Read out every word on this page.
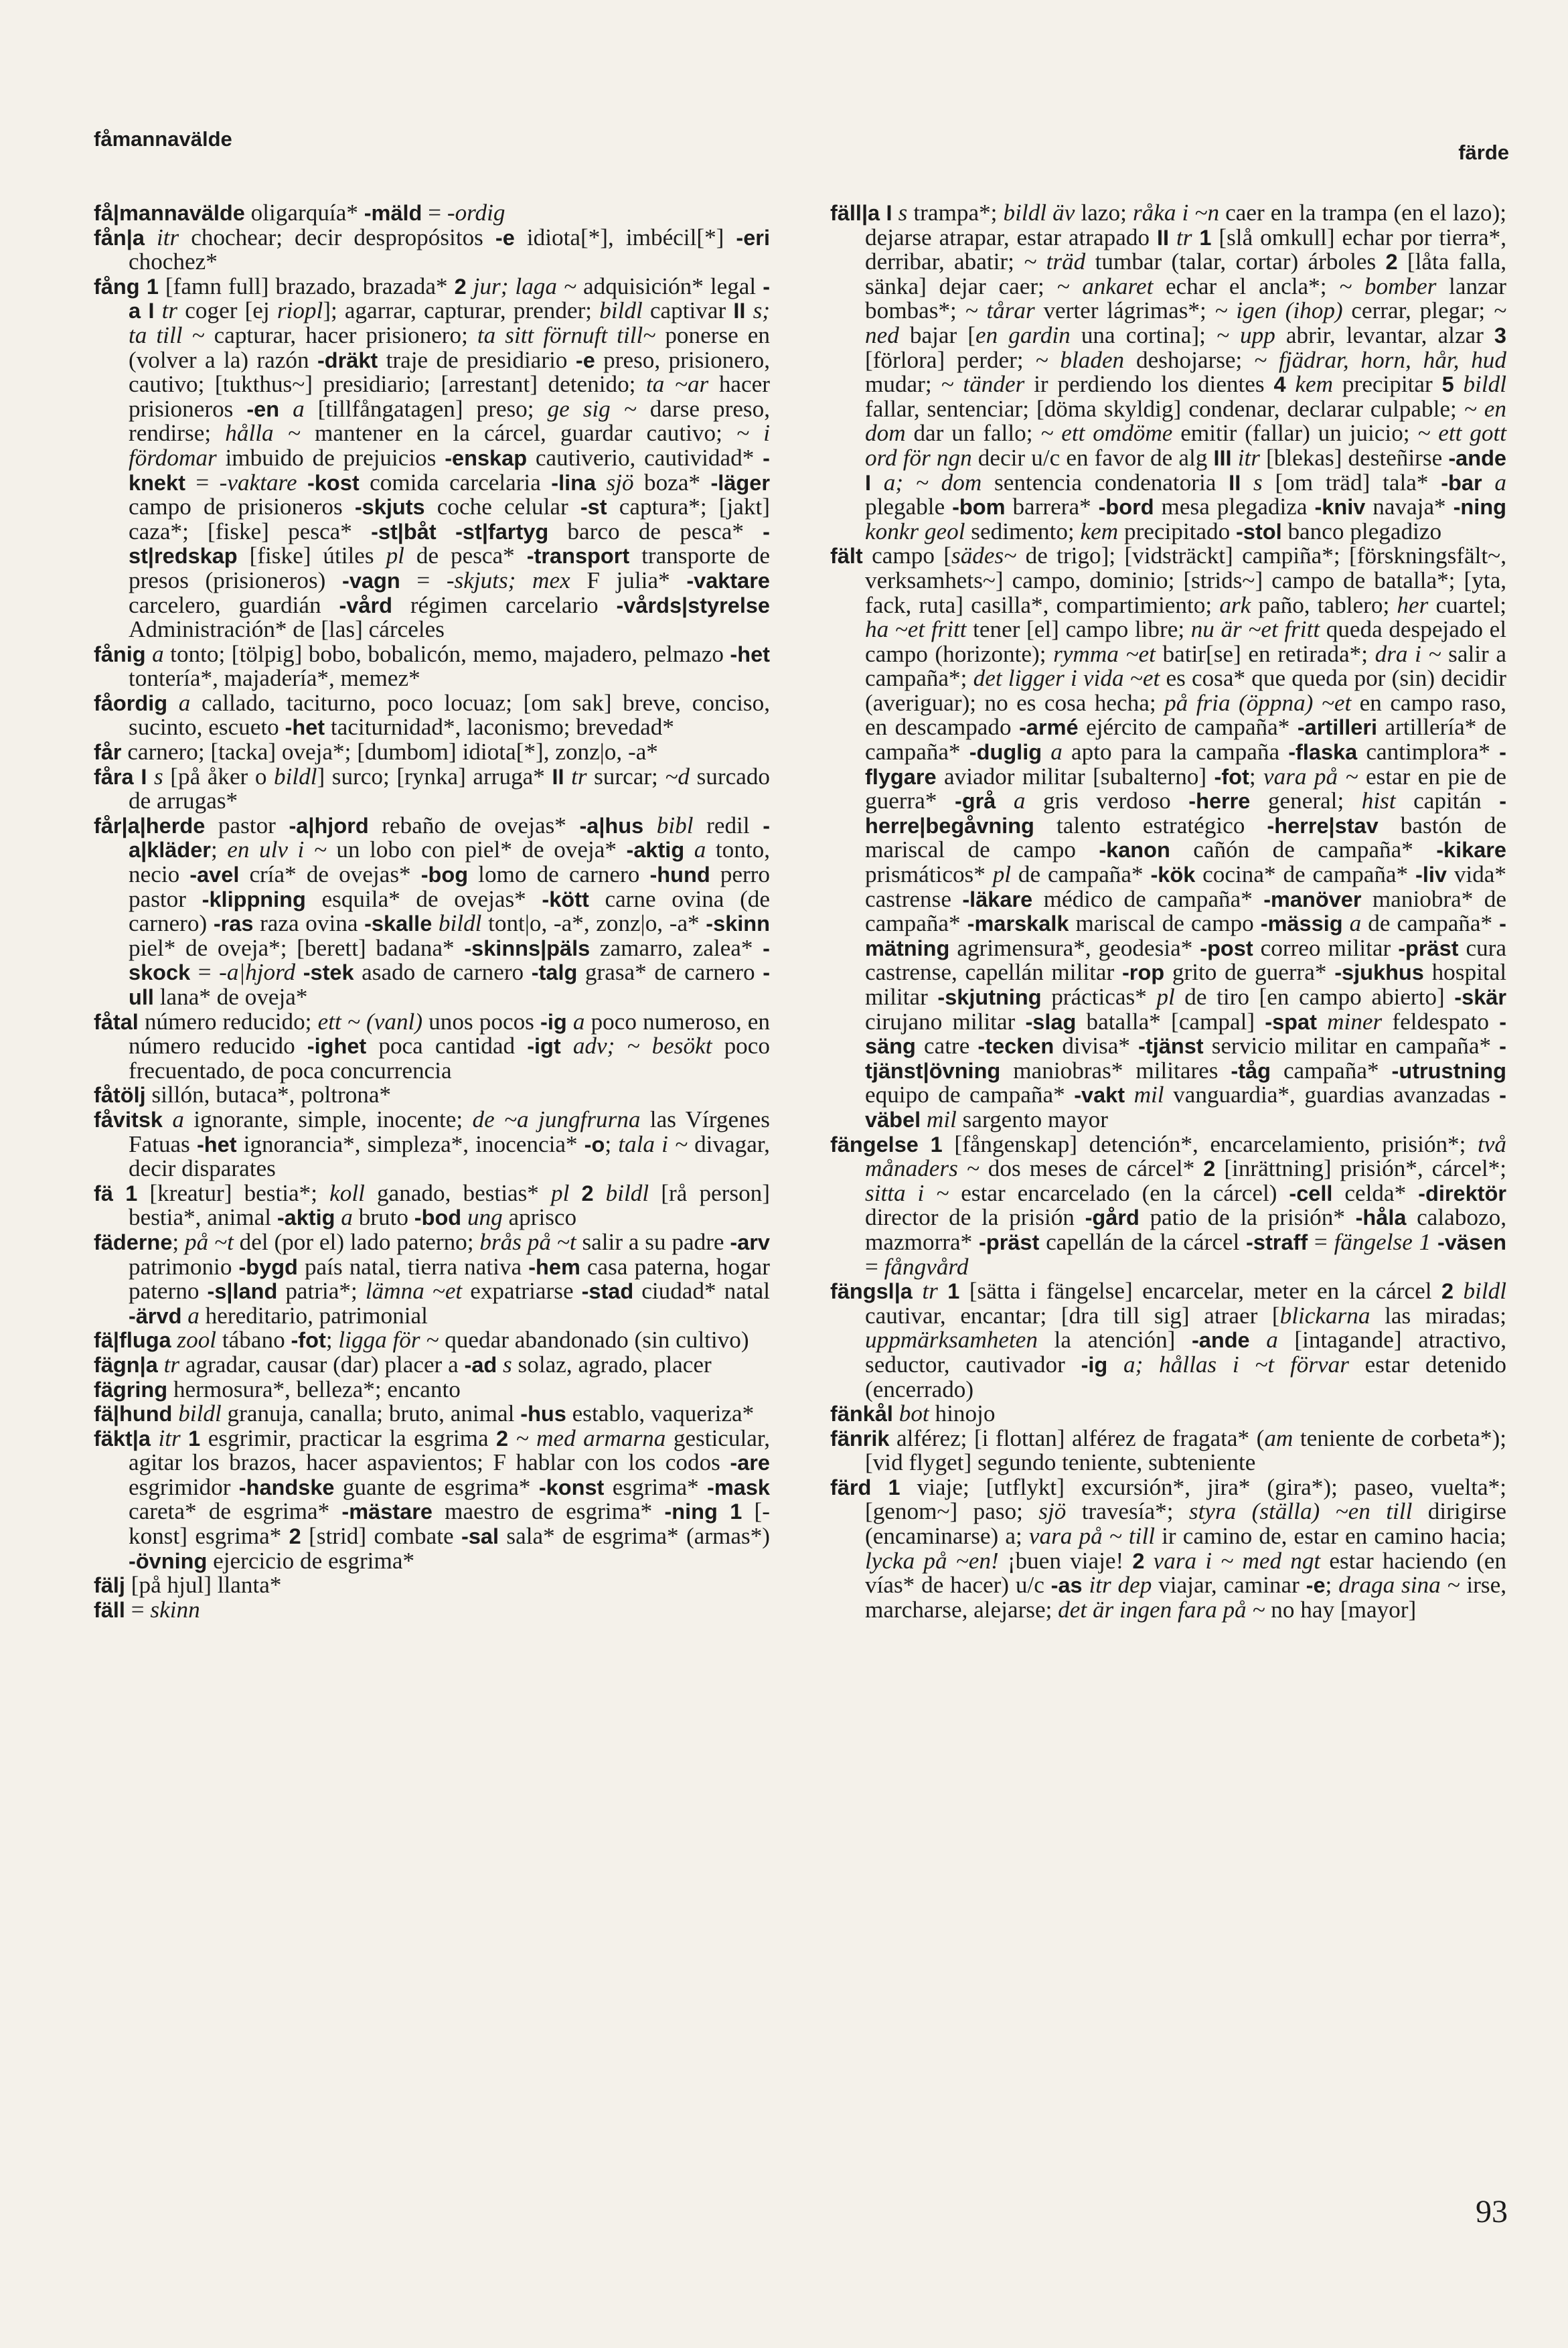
fåmannavälde
färde

få|mannavälde oligarquía* -mäld = -ordig

fån|a itr chochear; decir despropósitos -e idiota[*], imbécil[*] -eri chochez*

fång 1 [famn full] brazado, brazada* 2 jur; laga ~ adquisición* legal -a I tr coger [ej riopl]; agarrar, capturar, prender; bildl captivar II s; ta till ~ capturar, hacer prisionero; ta sitt förnuft till~ ponerse en (volver a la) razón -dräkt traje de presidiario -e preso, prisionero, cautivo; [tukthus~] presidiario; [arrestant] detenido; ta ~ar hacer prisioneros -en a [tillfångatagen] preso; ge sig ~ darse preso, rendirse; hålla ~ mantener en la cárcel, guardar cautivo; ~ i fördomar imbuido de prejuicios -enskap cautiverio, cautividad* -knekt = -vaktare -kost comida carcelaria -lina sjö boza* -läger campo de prisioneros -skjuts coche celular -st captura*; [jakt] caza*; [fiske] pesca* -st|båt -st|fartyg barco de pesca* -st|redskap [fiske] útiles pl de pesca* -transport transporte de presos (prisioneros) -vagn = -skjuts; mex F julia* -vaktare carcelero, guardián -vård régimen carcelario -vårds|styrelse Administración* de [las] cárceles

fånig a tonto; [tölpig] bobo, bobalicón, memo, majadero, pelmazo -het tontería*, majadería*, memez*

fåordig a callado, taciturno, poco locuaz; [om sak] breve, conciso, sucinto, escueto -het taciturnidad*, laconismo; brevedad*

får carnero; [tacka] oveja*; [dumbom] idiota[*], zonz|o, -a*

fåra I s [på åker o bildl] surco; [rynka] arruga* II tr surcar; ~d surcado de arrugas*

får|a|herde pastor -a|hjord rebaño de ovejas* -a|hus bibl redil -a|kläder; en ulv i ~ un lobo con piel* de oveja* -aktig a tonto, necio -avel cría* de ovejas* -bog lomo de carnero -hund perro pastor -klippning esquila* de ovejas* -kött carne ovina (de carnero) -ras raza ovina -skalle bildl tont|o, -a*, zonz|o, -a* -skinn piel* de oveja*; [berett] badana* -skinns|päls zamarro, zalea* -skock = -a|hjord -stek asado de carnero -talg grasa* de carnero -ull lana* de oveja*

fåtal número reducido; ett ~ (vanl) unos pocos -ig a poco numeroso, en número reducido -ighet poca cantidad -igt adv; ~ besökt poco frecuentado, de poca concurrencia

fåtölj sillón, butaca*, poltrona*

fåvitsk a ignorante, simple, inocente; de ~a jungfrurna las Vírgenes Fatuas -het ignorancia*, simpleza*, inocencia* -o; tala i ~ divagar, decir disparates

fä 1 [kreatur] bestia*; koll ganado, bestias* pl 2 bildl [rå person] bestia*, animal -aktig a bruto -bod ung aprisco

fäderne; på ~t del (por el) lado paterno; brås på ~t salir a su padre -arv patrimonio -bygd país natal, tierra nativa -hem casa paterna, hogar paterno -s|land patria*; lämna ~et expatriarse -stad ciudad* natal -ärvd a hereditario, patrimonial

fä|fluga zool tábano -fot; ligga för ~ quedar abandonado (sin cultivo)

fägn|a tr agradar, causar (dar) placer a -ad s solaz, agrado, placer

fägring hermosura*, belleza*; encanto

fä|hund bildl granuja, canalla; bruto, animal -hus establo, vaqueriza*

fäkt|a itr 1 esgrimir, practicar la esgrima 2 ~ med armarna gesticular, agitar los brazos, hacer aspavientos; F hablar con los codos -are esgrimidor -handske guante de esgrima* -konst esgrima* -mask careta* de esgrima* -mästare maestro de esgrima* -ning 1 [-konst] esgrima* 2 [strid] combate -sal sala* de esgrima* (armas*) -övning ejercicio de esgrima*

fälj [på hjul] llanta*

fäll = skinn

fäll|a I s trampa*; bildl äv lazo; råka i ~n caer en la trampa (en el lazo); dejarse atrapar, estar atrapado II tr 1 [slå omkull] echar por tierra*, derribar, abatir; ~ träd tumbar (talar, cortar) árboles 2 [låta falla, sänka] dejar caer; ~ ankaret echar el ancla*; ~ bomber lanzar bombas*; ~ tårar verter lágrimas*; ~ igen (ihop) cerrar, plegar; ~ ned bajar [en gardin una cortina]; ~ upp abrir, levantar, alzar 3 [förlora] perder; ~ bladen deshojarse; ~ fjädrar, horn, hår, hud mudar; ~ tänder ir perdiendo los dientes 4 kem precipitar 5 bildl fallar, sentenciar; [döma skyldig] condenar, declarar culpable; ~ en dom dar un fallo; ~ ett omdöme emitir (fallar) un juicio; ~ ett gott ord för ngn decir u/c en favor de alg III itr [blekas] desteñirse -ande I a; ~ dom sentencia condenatoria II s [om träd] tala* -bar a plegable -bom barrera* -bord mesa plegadiza -kniv navaja* -ning konkr geol sedimento; kem precipitado -stol banco plegadizo

fält campo [sädes~ de trigo]; [vidsträckt] campiña*; [förskningsfält~, verksamhets~] campo, dominio; [strids~] campo de batalla*; [yta, fack, ruta] casilla*, compartimiento; ark paño, tablero; her cuartel; ha ~et fritt tener [el] campo libre; nu är ~et fritt queda despejado el campo (horizonte); rymma ~et batir[se] en retirada*; dra i ~ salir a campaña*; det ligger i vida ~et es cosa* que queda por (sin) decidir (averiguar); no es cosa hecha; på fria (öppna) ~et en campo raso, en descampado -armé ejército de campaña* -artilleri artillería* de campaña* -duglig a apto para la campaña -flaska cantimplora* -flygare aviador militar [subalterno] -fot; vara på ~ estar en pie de guerra* -grå a gris verdoso -herre general; hist capitán -herre|begåvning talento estratégico -herre|stav bastón de mariscal de campo -kanon cañón de campaña* -kikare prismáticos* pl de campaña* -kök cocina* de campaña* -liv vida* castrense -läkare médico de campaña* -manöver maniobra* de campaña* -marskalk mariscal de campo -mässig a de campaña* -mätning agrimensura*, geodesia* -post correo militar -präst cura castrense, capellán militar -rop grito de guerra* -sjukhus hospital militar -skjutning prácticas* pl de tiro [en campo abierto] -skär cirujano militar -slag batalla* [campal] -spat miner feldespato -säng catre -tecken divisa* -tjänst servicio militar en campaña* -tjänst|övning maniobras* militares -tåg campaña* -utrustning equipo de campaña* -vakt mil vanguardia*, guardias avanzadas -väbel mil sargento mayor

fängelse 1 [fångenskap] detención*, encarcelamiento, prisión*; två månaders ~ dos meses de cárcel* 2 [inrättning] prisión*, cárcel*; sitta i ~ estar encarcelado (en la cárcel) -cell celda* -direktör director de la prisión -gård patio de la prisión* -håla calabozo, mazmorra* -präst capellán de la cárcel -straff = fängelse 1 -väsen = fångvård

fängsl|a tr 1 [sätta i fängelse] encarcelar, meter en la cárcel 2 bildl cautivar, encantar; [dra till sig] atraer [blickarna las miradas; uppmärksamheten la atención] -ande a [intagande] atractivo, seductor, cautivador -ig a; hållas i ~t förvar estar detenido (encerrado)

fänkål bot hinojo

fänrik alférez; [i flottan] alférez de fragata* (am teniente de corbeta*); [vid flyget] segundo teniente, subteniente

färd 1 viaje; [utflykt] excursión*, jira* (gira*); paseo, vuelta*; [genom~] paso; sjö travesía*; styra (ställa) ~en till dirigirse (encaminarse) a; vara på ~ till ir camino de, estar en camino hacia; lycka på ~en! ¡buen viaje! 2 vara i ~ med ngt estar haciendo (en vías* de hacer) u/c -as itr dep viajar, caminar -e; draga sina ~ irse, marcharse, alejarse; det är ingen fara på ~ no hay [mayor]

93
